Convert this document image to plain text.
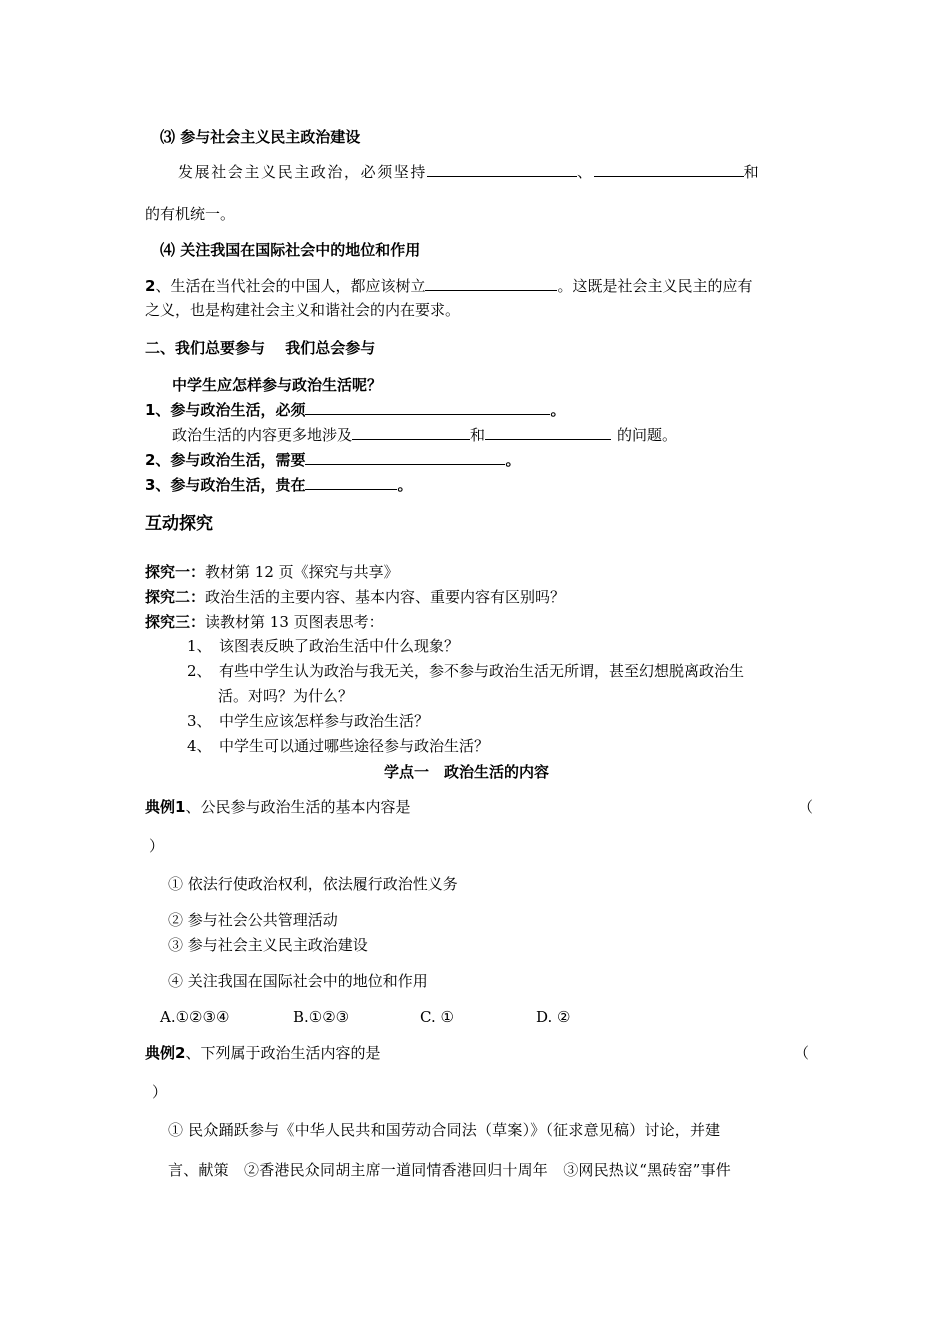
⑶ 参与社会主义民主政治建设
发展社会主义民主政治，必须坚持	、	和
的有机统一。
⑷ 关注我国在国际社会中的地位和作用
2、生活在当代社会的中国人，都应该树立	。这既是社会主义民主的应有
之义，也是构建社会主义和谐社会的内在要求。
二、我们总要参与　 我们总会参与
中学生应怎样参与政治生活呢？
1、参与政治生活，必须	。
政治生活的内容更多地涉及	和	的问题。
2、参与政治生活，需要	。
3、参与政治生活，贵在	。
互动探究
探究一：教材第 12 页《探究与共享》
探究二：政治生活的主要内容、基本内容、重要内容有区别吗？
探究三：读教材第 13 页图表思考：
1、　该图表反映了政治生活中什么现象？
2、　有些中学生认为政治与我无关，参不参与政治生活无所谓，甚至幻想脱离政治生
活。对吗？为什么？
3、　中学生应该怎样参与政治生活？
4、　中学生可以通过哪些途径参与政治生活？
学点一　政治生活的内容
典例1、公民参与政治生活的基本内容是	（
）
① 依法行使政治权利，依法履行政治性义务
② 参与社会公共管理活动
③ 参与社会主义民主政治建设
④ 关注我国在国际社会中的地位和作用
A.①②③④	B.①②③	C. ①	D. ②
典例2、下列属于政治生活内容的是	（
）
① 民众踊跃参与《中华人民共和国劳动合同法（草案）》（征求意见稿）讨论，并建
言、献策　②香港民众同胡主席一道同情香港回归十周年　③网民热议“黑砖窑”事件
